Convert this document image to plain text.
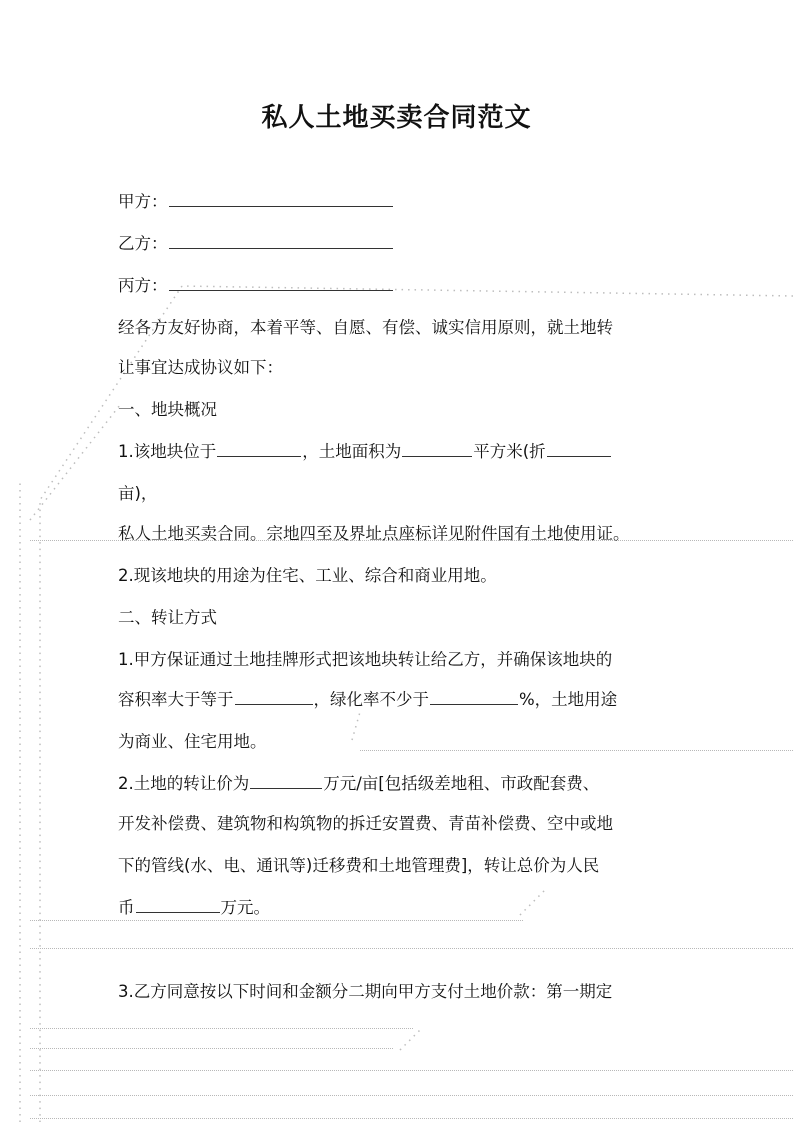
私人土地买卖合同范文
甲方：
乙方：
丙方：
经各方友好协商，本着平等、自愿、有偿、诚实信用原则，就土地转
让事宜达成协议如下：
一、地块概况
1.该地块位于	，土地面积为	平方米(折
亩)，
私人土地买卖合同。宗地四至及界址点座标详见附件国有土地使用证。
2.现该地块的用途为住宅、工业、综合和商业用地。
二、转让方式
1.甲方保证通过土地挂牌形式把该地块转让给乙方，并确保该地块的
容积率大于等于	，绿化率不少于	%，土地用途
为商业、住宅用地。
2.土地的转让价为	万元/亩[包括级差地租、市政配套费、
开发补偿费、建筑物和构筑物的拆迁安置费、青苗补偿费、空中或地
下的管线(水、电、通讯等)迁移费和土地管理费]，转让总价为人民
币	万元。
3.乙方同意按以下时间和金额分二期向甲方支付土地价款：第一期定
